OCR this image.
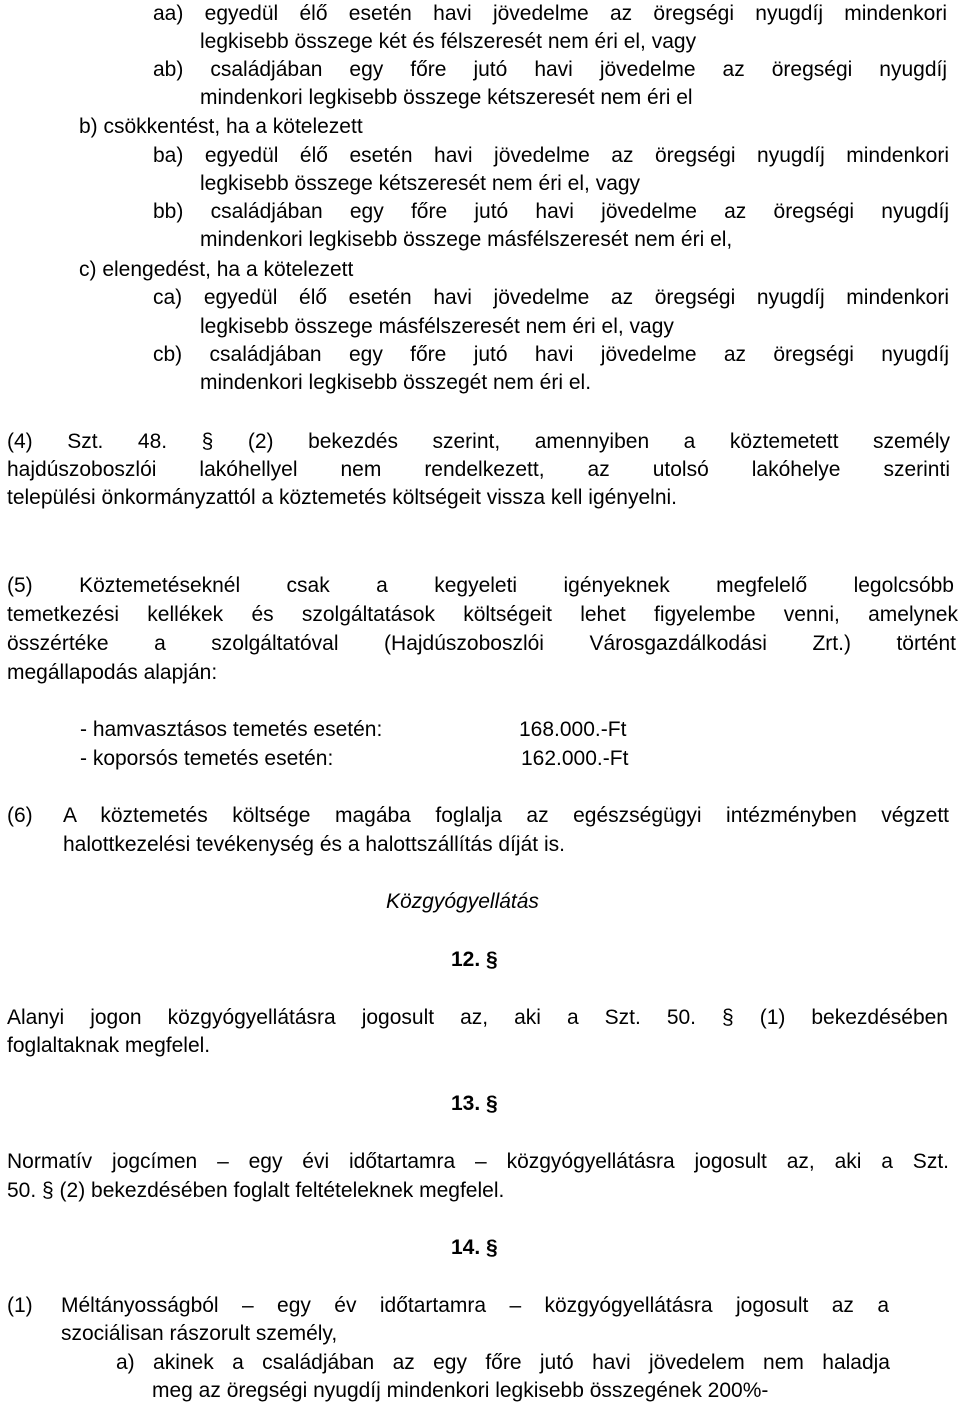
aa) egyedül élő esetén havi jövedelme az öregségi nyugdíj mindenkori
legkisebb összege két és félszeresét nem éri el, vagy
ab) családjában egy főre jutó havi jövedelme az öregségi nyugdíj
mindenkori legkisebb összege kétszeresét nem éri el
b) csökkentést, ha a kötelezett
ba) egyedül élő esetén havi jövedelme az öregségi nyugdíj mindenkori
legkisebb összege kétszeresét nem éri el, vagy
bb) családjában egy főre jutó havi jövedelme az öregségi nyugdíj
mindenkori legkisebb összege másfélszeresét nem éri el,
c) elengedést, ha a kötelezett
ca) egyedül élő esetén havi jövedelme az öregségi nyugdíj mindenkori
legkisebb összege másfélszeresét nem éri el, vagy
cb) családjában egy főre jutó havi jövedelme az öregségi nyugdíj
mindenkori legkisebb összegét nem éri el.
(4) Szt. 48. § (2) bekezdés szerint, amennyiben a köztemetett személy
hajdúszoboszlói lakóhellyel nem rendelkezett, az utolsó lakóhelye szerinti
települési önkormányzattól a köztemetés költségeit vissza kell igényelni.
(5) Köztemetéseknél csak a kegyeleti igényeknek megfelelő legolcsóbb
temetkezési kellékek és szolgáltatások költségeit lehet figyelembe venni, amelynek
összértéke a szolgáltatóval (Hajdúszoboszlói Városgazdálkodási Zrt.) történt
megállapodás alapján:
- hamvasztásos temetés esetén:	168.000.-Ft
- koporsós temetés esetén:	162.000.-Ft
(6) A köztemetés költsége magába foglalja az egészségügyi intézményben végzett
halottkezelési tevékenység és a halottszállítás díját is.
Közgyógyellátás
12. §
Alanyi jogon közgyógyellátásra jogosult az, aki a Szt. 50. § (1) bekezdésében
foglaltaknak megfelel.
13. §
Normatív jogcímen – egy évi időtartamra – közgyógyellátásra jogosult az, aki a Szt.
50. § (2) bekezdésében foglalt feltételeknek megfelel.
14. §
(1) Méltányosságból – egy év időtartamra – közgyógyellátásra jogosult az a
szociálisan rászorult személy,
a) akinek a családjában az egy főre jutó havi jövedelem nem haladja
meg az öregségi nyugdíj mindenkori legkisebb összegének 200%-
